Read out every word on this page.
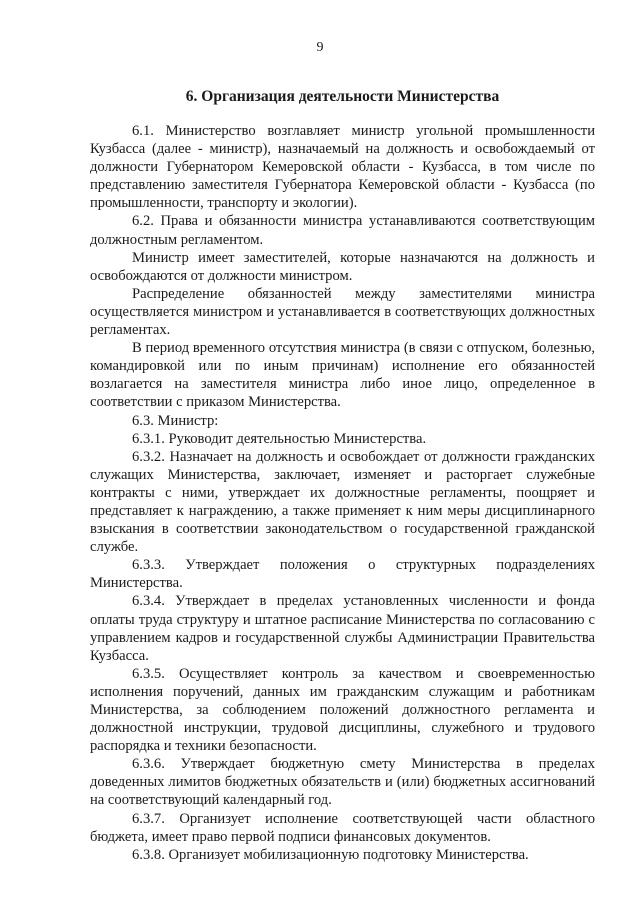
9
6. Организация деятельности Министерства

6.1. Министерство возглавляет министр угольной промышленности Кузбасса (далее - министр), назначаемый на должность и освобождаемый от должности Губернатором Кемеровской области - Кузбасса, в том числе по представлению заместителя Губернатора Кемеровской области - Кузбасса (по промышленности, транспорту и экологии).

6.2. Права и обязанности министра устанавливаются соответствующим должностным регламентом.

Министр имеет заместителей, которые назначаются на должность и освобождаются от должности министром.

Распределение обязанностей между заместителями министра осуществляется министром и устанавливается в соответствующих должностных регламентах.

В период временного отсутствия министра (в связи с отпуском, болезнью, командировкой или по иным причинам) исполнение его обязанностей возлагается на заместителя министра либо иное лицо, определенное в соответствии с приказом Министерства.

6.3. Министр:

6.3.1. Руководит деятельностью Министерства.

6.3.2. Назначает на должность и освобождает от должности гражданских служащих Министерства, заключает, изменяет и расторгает служебные контракты с ними, утверждает их должностные регламенты, поощряет и представляет к награждению, а также применяет к ним меры дисциплинарного взыскания в соответствии законодательством о государственной гражданской службе.

6.3.3. Утверждает положения о структурных подразделениях Министерства.

6.3.4. Утверждает в пределах установленных численности и фонда оплаты труда структуру и штатное расписание Министерства по согласованию с управлением кадров и государственной службы Администрации Правительства Кузбасса.

6.3.5. Осуществляет контроль за качеством и своевременностью исполнения поручений, данных им гражданским служащим и работникам Министерства, за соблюдением положений должностного регламента и должностной инструкции, трудовой дисциплины, служебного и трудового распорядка и техники безопасности.

6.3.6. Утверждает бюджетную смету Министерства в пределах доведенных лимитов бюджетных обязательств и (или) бюджетных ассигнований на соответствующий календарный год.

6.3.7. Организует исполнение соответствующей части областного бюджета, имеет право первой подписи финансовых документов.

6.3.8. Организует мобилизационную подготовку Министерства.
